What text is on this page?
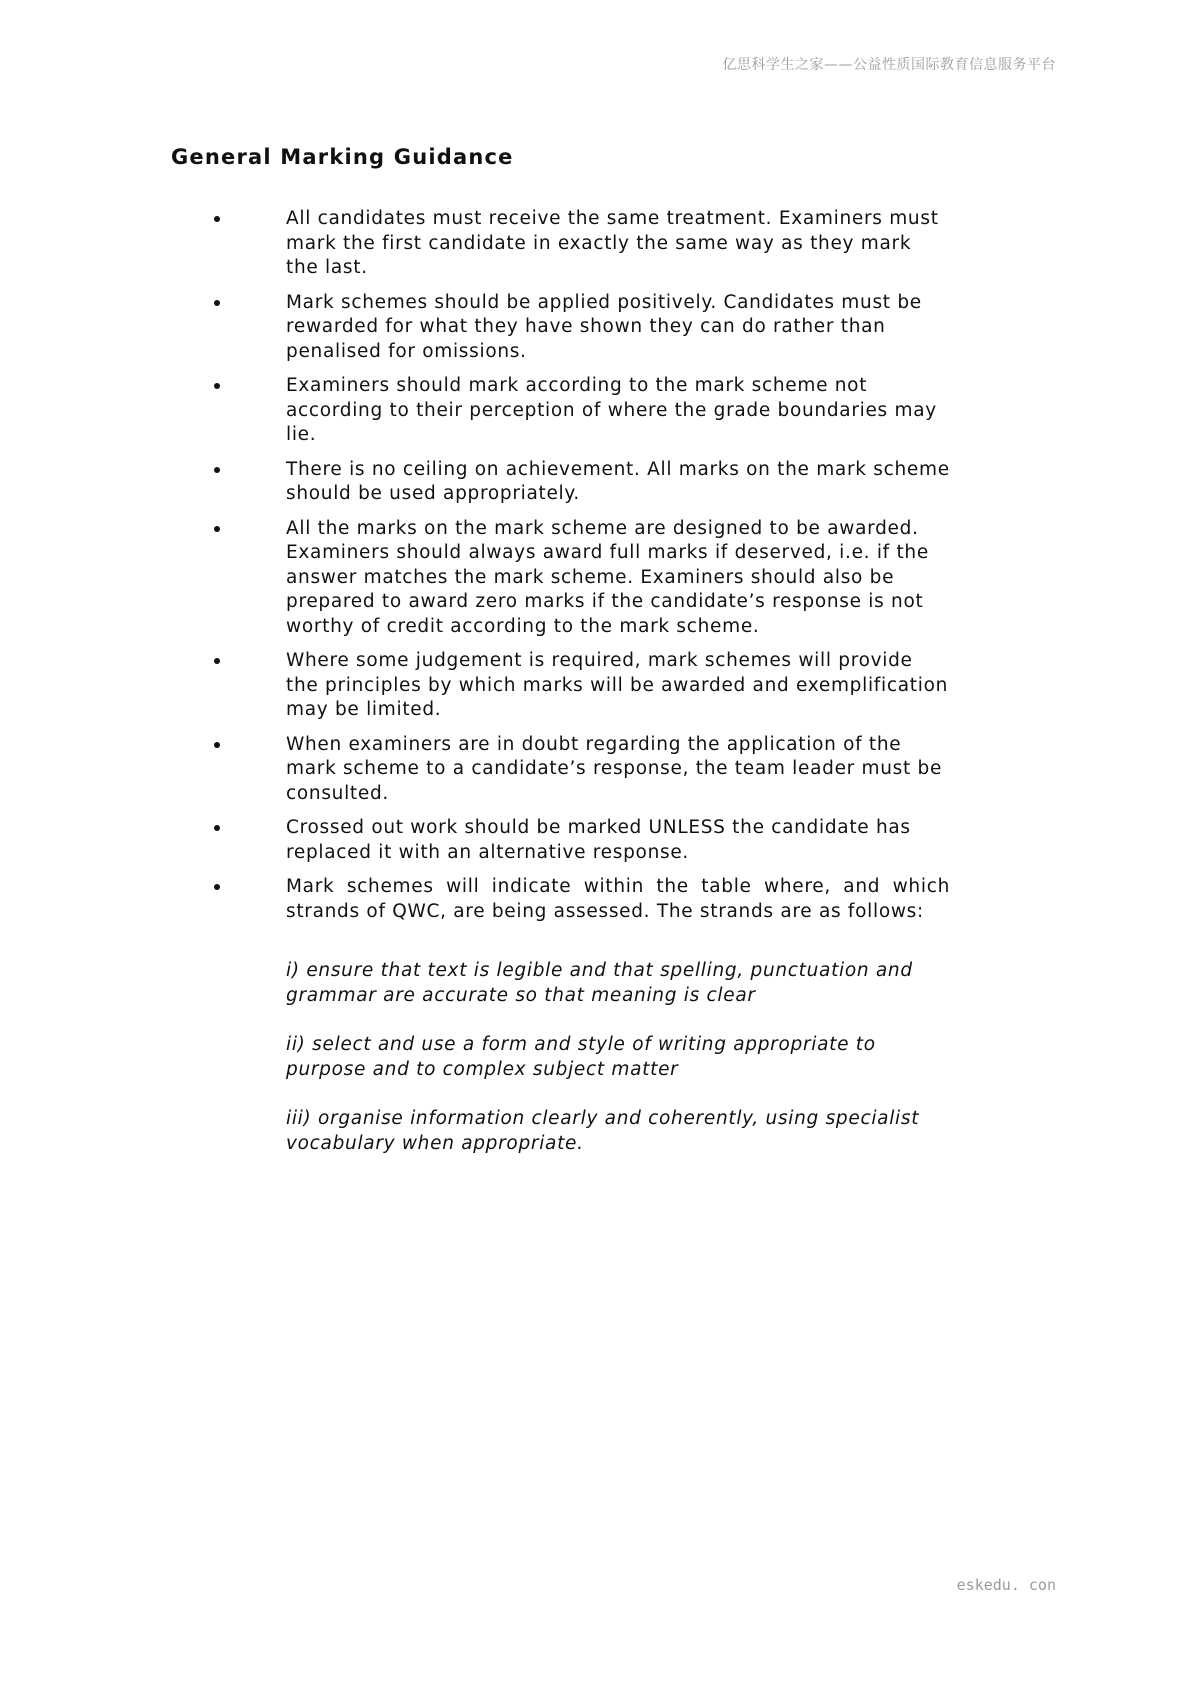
亿思科学生之家——公益性质国际教育信息服务平台
General Marking Guidance
All candidates must receive the same treatment. Examiners must mark the first candidate in exactly the same way as they mark the last.
Mark schemes should be applied positively. Candidates must be rewarded for what they have shown they can do rather than penalised for omissions.
Examiners should mark according to the mark scheme not according to their perception of where the grade boundaries may lie.
There is no ceiling on achievement. All marks on the mark scheme should be used appropriately.
All the marks on the mark scheme are designed to be awarded. Examiners should always award full marks if deserved, i.e. if the answer matches the mark scheme. Examiners should also be prepared to award zero marks if the candidate’s response is not worthy of credit according to the mark scheme.
Where some judgement is required, mark schemes will provide the principles by which marks will be awarded and exemplification may be limited.
When examiners are in doubt regarding the application of the mark scheme to a candidate’s response, the team leader must be consulted.
Crossed out work should be marked UNLESS the candidate has replaced it with an alternative response.
Mark schemes will indicate within the table where, and which strands of QWC, are being assessed. The strands are as follows:

i) ensure that text is legible and that spelling, punctuation and grammar are accurate so that meaning is clear

ii) select and use a form and style of writing appropriate to purpose and to complex subject matter

iii) organise information clearly and coherently, using specialist vocabulary when appropriate.

eskedu. con
